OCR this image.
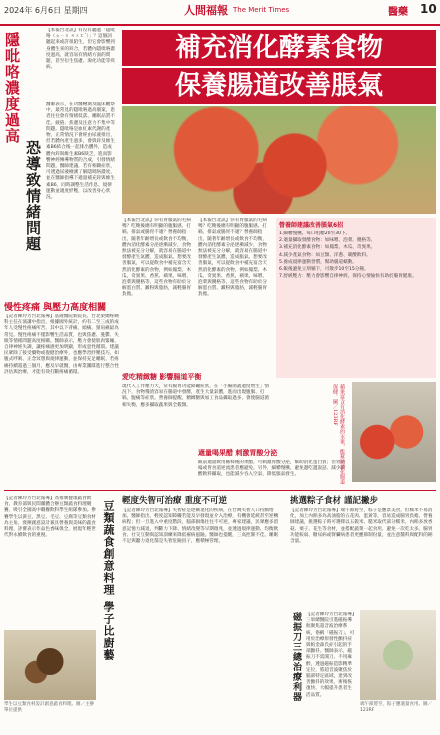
2024年 6月6日 星期四	人間福報 The Merit Times	醫藥 10
隱吡咯濃度過高
恐導致情緒問題

【本報台北訊】有沒有聽過「隱吡咯（ㄆㄧㄡ ㄌㄨㄛˇ）」？這個詞聽起來或許很陌生，但它會影響到身體生來的鋅合，若體內隱吡咯濃度過高，就容易有情緒方面的問題，甚至衍生焦慮、淘化功能等疾病。

醫師表示，在功醫檢測及臨床觀察中，最常見的隱吡咯過高個案，患者往往會有情緒低落、睡眠品質不佳、疲倦、焦慮及注意力不集中等問題。隱吡咯是血紅素代謝的產物，正常情況下會經由尿液排出，但若體內產生過多，會與鋅及維生素B6結合後一起排出體外，造成體內鋅與維生素B6缺乏，進而影響神經傳導物質的合成，引發情緒問題。醫師建議，若有相關症狀，可透過尿液檢測了解隱吡咯濃度，並在醫師指導下適量補充鋅與維生素B6，同時調整生活作息、規律運動並適度紓壓，以改善身心狀況。

補充消化酵素食物
保養腸道改善脹氣

【本報台北訊】你有胃脹氣的毛病嗎？吃飽後總有明顯的腹脹感、打嗝、排氣或腸胃不適？營養師指出，隨著年齡增長或飲食不均衡，體內消化酵素分泌逐漸減少，食物無法被充分分解，就容易在腸道中發酵產生氣體，造成脹氣。想要改善脹氣，可以從飲食中補充富含天然消化酵素的食物，例如鳳梨、木瓜、奇異果、香蕉、蘋果、味噌、泡菜與優格等，這些食物有助於分解蛋白質、澱粉與脂肪，減輕腸胃負擔。

【本報台北訊】你有胃脹氣的毛病嗎？吃飽後總有明顯的腹脹感、打嗝、排氣或腸胃不適？營養師指出，隨著年齡增長或飲食不均衡，體內消化酵素分泌逐漸減少，食物無法被充分分解，就容易在腸道中發酵產生氣體，造成脹氣。想要改善脹氣，可以從飲食中補充富含天然消化酵素的食物，例如鳳梨、木瓜、奇異果、香蕉、蘋果、味噌、泡菜與優格等，這些食物有助於分解蛋白質、澱粉與脂肪，減輕腸胃負擔。

營養師建議改善脹氣6招

1.細嚼慢嚥，每口咀嚼20至30下。

2.適量攝取發酵食物：如味噌、泡菜、優格等。

3.補充消化酵素食物：如鳳梨、木瓜、奇異果。

4.減少產氣食物：如豆類、洋蔥、碳酸飲料。

5.養成規律運動習慣，幫助腸道蠕動。

6.飯後避免立刻躺下，可散步10至15分鐘。

7.舒緩壓力：壓力會影響自律神經，保持心情愉快有助於腸胃健康。

愛吃精緻糖 影響腸道平衡

現代人工作壓力大，常有腸胃功能障礙症狀，在「小腸菌叢過度增生」情況下，食物殘渣容易在腸道中發酵，產生大量氣體，進而出現腹脹、打嗝、腹痛等症狀。營養師提醒，精緻糖與加工食品攝取過多，會使腸道菌相失衡，應多攝取蔬果與全穀類。

適量喝果醋 刺激胃酸分泌

飯前適量飲用稀釋後的果醋，可刺激胃酸分泌，幫助消化蛋白質；但胃潰瘍或胃食道逆流患者應避免。另外，細嚼慢嚥、避免邊吃邊說話、減少碳酸飲料攝取，也能減少吞入空氣，降低脹氣發生。	蘋果富含有消化酵素的水果，能幫助消化腸道保健。圖／123RF
慢性疼痛 與壓力高度相關

【記者陳玲芳台北報導】基隆醫院新院長、台北榮總疼痛科主任在演講中指出，根據國外統計，約有二至三成的成年人受慢性疼痛所苦，其中以下背痛、頭痛、頸肩痛最為常見。慢性疼痛不僅影響生活品質，也與焦慮、憂鬱、失眠等情緒問題高度相關。醫師表示，壓力會使肌肉緊繃、自律神經失調，讓疼痛感更加明顯，形成惡性循環。建議民眾除了接受藥物或復健治療外，也應學習紓壓技巧，如腹式呼吸、正念冥想與規律運動，並保持充足睡眠。若疼痛持續超過三個月，應及早就醫，由專業團隊進行整合性評估與治療，才能有效打斷疼痛循環。

豆類蔬食創意料理 學子比廚藝

【記者陳玲芳台北報導】為推廣健康蔬食飲食，教育部與民間團體合辦豆類蔬食料理競賽，吸引全國高中職餐飲科學生組隊參加。參賽學生以黃豆、黑豆、毛豆、豆腐等豆類食材為主角，發揮創意設計兼具營養與美味的蔬食料理，評審表示作品色香味俱全，展現年輕世代對永續飲食的重視。

學生以豆類食材設計創意蔬食料理。圖／主辦單位提供
輕度失智可治療 重度不可逆

【記者陳玲芳台北報導】失智症是逐漸退化的疾病，在台灣失智人口持續增加。醫師指出，輕度認知障礙若能及早發現並介入治療，有機會延緩甚至逆轉病程；但一旦進入中重度階段，腦部損傷往往不可逆。專家建議，民眾應多留意記憶力減退、判斷力下降、情緒改變等早期徵兆，並透過規律運動、均衡飲食、社交互動與認知訓練來降低罹病風險。醫師也提醒，三高控制不佳、睡眠不足與聽力退化都是失智危險因子，應積極管理。

挑選粽子食材 謹記撇步

【記者陳玲芳台北報導】端午節將至，粽子是應景美食，但糯米不易消化，加上內餡多為高油脂的五花肉、蛋黃等，容易造成腸胃負擔。營養師建議，挑選粽子時可選擇以五穀米、糙米取代部分糯米，內餡多放香菇、栗子、花生等食材，並搭配蔬菜一起食用，避免一次吃太多。腸胃功能較弱、糖尿病或腎臟病患者更應節制份量，並注意醬料與配料的鈉含量。

端午節將至，粽子應適量食用。圖／123RF
磁振刀三總治療利器	【記者陳玲芳台北報導】三軍總醫院引進磁振導航聚焦超音波治療系統，俗稱「磁振刀」，可用於治療原發性顫抖症與帕金森氏症引起的手部顫抖。醫師表示，磁振刀不需開刀、不用麻醉，透過磁振造影精準定位，將超音波聚焦於腦部特定區域，達到改善顫抖的效果，術後恢復快，大幅提升患者生活品質。
